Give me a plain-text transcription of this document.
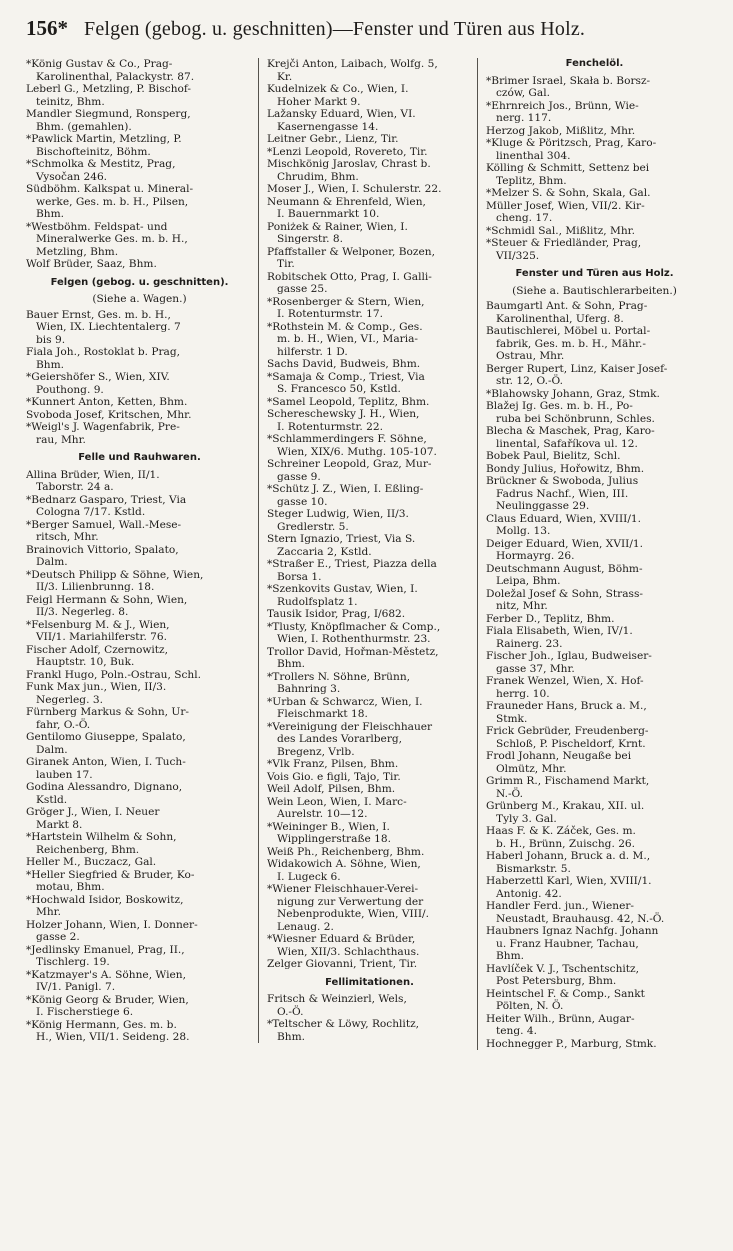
156* Felgen (gebog. u. geschnitten)—Fenster und Türen aus Holz.

*König Gustav & Co., Prag-

Karolinenthal, Palackystr. 87.

Leberl G., Metzling, P. Bischof-

teinitz, Bhm.

Mandler Siegmund, Ronsperg,

Bhm. (gemahlen).

*Pawlick Martin, Metzling, P.

Bischofteinitz, Böhm.

*Schmolka & Mestitz, Prag,

Vysočan 246.

Südböhm. Kalkspat u. Mineral-

werke, Ges. m. b. H., Pilsen,

Bhm.

*Westböhm. Feldspat- und

Mineralwerke Ges. m. b. H.,

Metzling, Bhm.

Wolf Brüder, Saaz, Bhm.

Felgen (gebog. u. geschnitten).

(Siehe a. Wagen.)

Bauer Ernst, Ges. m. b. H.,

Wien, IX. Liechtentalerg. 7

bis 9.

Fiala Joh., Rostoklat b. Prag,

Bhm.

*Geiershöfer S., Wien, XIV.

Pouthong. 9.

*Kunnert Anton, Ketten, Bhm.

Svoboda Josef, Kritschen, Mhr.

*Weigl's J. Wagenfabrik, Pre-

rau, Mhr.

Felle und Rauhwaren.

Allina Brüder, Wien, II/1.

Taborstr. 24 a.

*Bednarz Gasparo, Triest, Via

Cologna 7/17. Kstld.

*Berger Samuel, Wall.-Mese-

ritsch, Mhr.

Brainovich Vittorio, Spalato,

Dalm.

*Deutsch Philipp & Söhne, Wien,

II/3. Lilienbrunng. 18.

Feigl Hermann & Sohn, Wien,

II/3. Negerleg. 8.

*Felsenburg M. & J., Wien,

VII/1. Mariahilferstr. 76.

Fischer Adolf, Czernowitz,

Hauptstr. 10, Buk.

Frankl Hugo, Poln.-Ostrau, Schl.

Funk Max jun., Wien, II/3.

Negerleg. 3.

Fürnberg Markus & Sohn, Ur-

fahr, O.-Ö.

Gentilomo Giuseppe, Spalato,

Dalm.

Giranek Anton, Wien, I. Tuch-

lauben 17.

Godina Alessandro, Dignano,

Kstld.

Gröger J., Wien, I. Neuer

Markt 8.

*Hartstein Wilhelm & Sohn,

Reichenberg, Bhm.

Heller M., Buczacz, Gal.

*Heller Siegfried & Bruder, Ko-

motau, Bhm.

*Hochwald Isidor, Boskowitz,

Mhr.

Holzer Johann, Wien, I. Donner-

gasse 2.

*Jedlinsky Emanuel, Prag, II.,

Tischlerg. 19.

*Katzmayer's A. Söhne, Wien,

IV/1. Panigl. 7.

*König Georg & Bruder, Wien,

I. Fischerstiege 6.

*König Hermann, Ges. m. b.

H., Wien, VII/1. Seideng. 28.

Krejči Anton, Laibach, Wolfg. 5,

Kr.

Kudelnizek & Co., Wien, I.

Hoher Markt 9.

Lažansky Eduard, Wien, VI.

Kasernengasse 14.

Leitner Gebr., Lienz, Tir.

*Lenzi Leopold, Rovereto, Tir.

Mischkönig Jaroslav, Chrast b.

Chrudim, Bhm.

Moser J., Wien, I. Schulerstr. 22.

Neumann & Ehrenfeld, Wien,

I. Bauernmarkt 10.

Poniżek & Rainer, Wien, I.

Singerstr. 8.

Pfaffstaller & Welponer, Bozen,

Tir.

Robitschek Otto, Prag, I. Galli-

gasse 25.

*Rosenberger & Stern, Wien,

I. Rotenturmstr. 17.

*Rothstein M. & Comp., Ges.

m. b. H., Wien, VI., Maria-

hilferstr. 1 D.

Sachs David, Budweis, Bhm.

*Samaja & Comp., Triest, Via

S. Francesco 50, Kstld.

*Samel Leopold, Teplitz, Bhm.

Schereschewsky J. H., Wien,

I. Rotenturmstr. 22.

*Schlammerdingers F. Söhne,

Wien, XIX/6. Muthg. 105-107.

Schreiner Leopold, Graz, Mur-

gasse 9.

*Schütz J. Z., Wien, I. Eßling-

gasse 10.

Steger Ludwig, Wien, II/3.

Gredlerstr. 5.

Stern Ignazio, Triest, Via S.

Zaccaria 2, Kstld.

*Straßer E., Triest, Piazza della

Borsa 1.

*Szenkovits Gustav, Wien, I.

Rudolfsplatz 1.

Tausik Isidor, Prag, I/682.

*Tlusty, Knöpflmacher & Comp.,

Wien, I. Rothenthurmstr. 23.

Trollor David, Hořman-Městetz,

Bhm.

*Trollers N. Söhne, Brünn,

Bahnring 3.

*Urban & Schwarcz, Wien, I.

Fleischmarkt 18.

*Vereinigung der Fleischhauer

des Landes Vorarlberg,

Bregenz, Vrlb.

*Vlk Franz, Pilsen, Bhm.

Vois Gio. e figli, Tajo, Tir.

Weil Adolf, Pilsen, Bhm.

Wein Leon, Wien, I. Marc-

Aurelstr. 10—12.

*Weininger B., Wien, I.

Wipplingerstraße 18.

Weiß Ph., Reichenberg, Bhm.

Widakowich A. Söhne, Wien,

I. Lugeck 6.

*Wiener Fleischhauer-Verei-

nigung zur Verwertung der

Nebenprodukte, Wien, VIII/.

Lenaug. 2.

*Wiesner Eduard & Brüder,

Wien, XII/3. Schlachthaus.

Zelger Giovanni, Trient, Tir.

Fellimitationen.

Fritsch & Weinzierl, Wels,

O.-Ö.

*Teltscher & Löwy, Rochlitz,

Bhm.

Fenchelöl.

*Brimer Israel, Skała b. Borsz-

czów, Gal.

*Ehrnreich Jos., Brünn, Wie-

nerg. 117.

Herzog Jakob, Mißlitz, Mhr.

*Kluge & Pöritzsch, Prag, Karo-

linenthal 304.

Kölling & Schmitt, Settenz bei

Teplitz, Bhm.

*Melzer S. & Sohn, Skala, Gal.

Müller Josef, Wien, VII/2. Kir-

cheng. 17.

*Schmidl Sal., Mißlitz, Mhr.

*Steuer & Friedländer, Prag,

VII/325.

Fenster und Türen aus Holz.

(Siehe a. Bautischlerarbeiten.)

Baumgartl Ant. & Sohn, Prag-

Karolinenthal, Uferg. 8.

Bautischlerei, Möbel u. Portal-

fabrik, Ges. m. b. H., Mähr.-

Ostrau, Mhr.

Berger Rupert, Linz, Kaiser Josef-

str. 12, O.-Ö.

*Blahowsky Johann, Graz, Stmk.

Blažej Ig. Ges. m. b. H., Po-

ruba bei Schönbrunn, Schles.

Blecha & Maschek, Prag, Karo-

linental, Safaříkova ul. 12.

Bobek Paul, Bielitz, Schl.

Bondy Julius, Hořowitz, Bhm.

Brückner & Swoboda, Julius

Fadrus Nachf., Wien, III.

Neulinggasse 29.

Claus Eduard, Wien, XVIII/1.

Mollg. 13.

Deiger Eduard, Wien, XVII/1.

Hormayrg. 26.

Deutschmann August, Böhm-

Leipa, Bhm.

Doležal Josef & Sohn, Strass-

nitz, Mhr.

Ferber D., Teplitz, Bhm.

Fiala Elisabeth, Wien, IV/1.

Rainerg. 23.

Fischer Joh., Iglau, Budweiser-

gasse 37, Mhr.

Franek Wenzel, Wien, X. Hof-

herrg. 10.

Frauneder Hans, Bruck a. M.,

Stmk.

Frick Gebrüder, Freudenberg-

Schloß, P. Pischeldorf, Krnt.

Frodl Johann, Neugaße bei

Olmütz, Mhr.

Grimm R., Fischamend Markt,

N.-Ö.

Grünberg M., Krakau, XII. ul.

Tyly 3. Gal.

Haas F. & K. Záček, Ges. m.

b. H., Brünn, Zuischg. 26.

Haberl Johann, Bruck a. d. M.,

Bismarkstr. 5.

Haberzettl Karl, Wien, XVIII/1.

Antonig. 42.

Handler Ferd. jun., Wiener-

Neustadt, Brauhausg. 42, N.-Ö.

Haubners Ignaz Nachfg. Johann

u. Franz Haubner, Tachau,

Bhm.

Havlíček V. J., Tschentschitz,

Post Petersburg, Bhm.

Heintschel F. & Comp., Sankt

Pölten, N. Ö.

Heiter Wilh., Brünn, Augar-

teng. 4.

Hochnegger P., Marburg, Stmk.
